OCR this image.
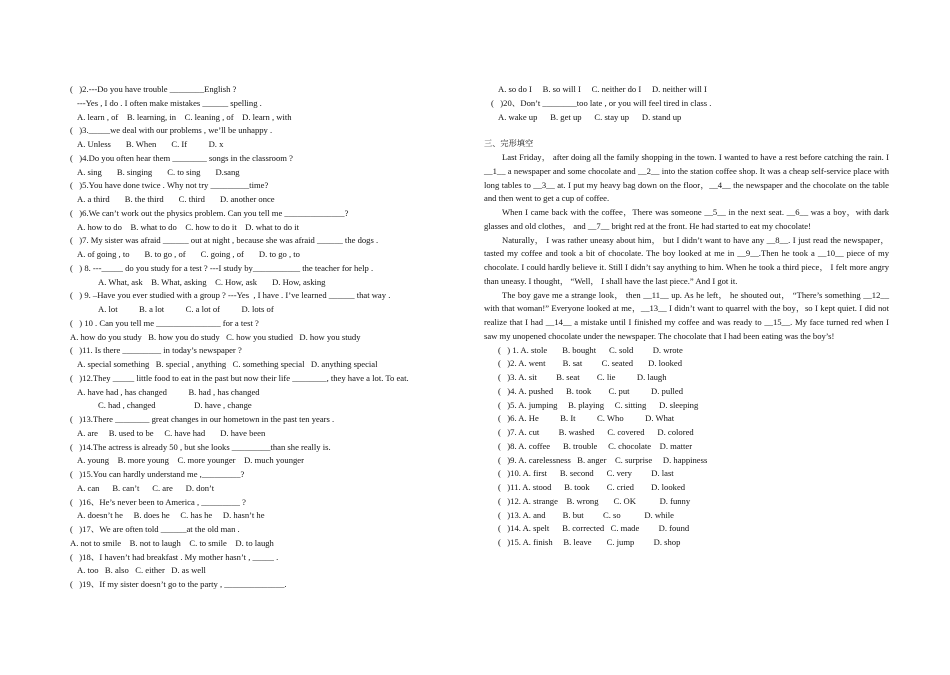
(   )2.---Do you have trouble ________English ?
---Yes , I do . I often make mistakes ______ spelling .
A. learn , of    B. learning, in    C. leaning , of    D. learn , with
(   )3._____we deal with our problems , we’ll be unhappy .
A. Unless       B. When       C. If          D. x
(   )4.Do you often hear them ________ songs in the classroom ?
A. sing       B. singing       C. to sing       D.sang
(   )5.You have done twice . Why not try _________time?
A. a third       B. the third       C. third       D. another once
(   )6.We can’t work out the physics problem. Can you tell me ______________?
A. how to do    B. what to do    C. how to do it    D. what to do it
(   )7. My sister was afraid ______ out at night , because she was afraid ______ the dogs .
A. of going , to       B. to go , of       C. going , of       D. to go , to
(   ) 8. ---_____ do you study for a test ? ---I study by___________ the teacher for help .
A. What, ask    B. What, asking    C. How, ask       D. How, asking
(   ) 9. –Have you ever studied with a group ? ---Yes  , I have . I’ve learned ______ that way .
A. lot          B. a lot          C. a lot of          D. lots of
(   ) 10 . Can you tell me _______________ for a test ?
A. how do you study   B. how you do study   C. how you studied   D. how you study
(   )11. Is there _________ in today’s newspaper ?
A. special something   B. special , anything   C. something special   D. anything special
(   )12.They _____ little food to eat in the past but now their life ________, they have a lot. To eat.
A. have had , has changed          B. had , has changed
C. had , changed                  D. have , change
(   )13.There ________ great changes in our hometown in the past ten years .
A. are     B. used to be     C. have had       D. have been
(   )14.The actress is already 50 , but she looks _________than she really is.
A. young    B. more young    C. more younger    D. much younger
(   )15.You can hardly understand me ,_________?
A. can      B. can’t      C. are      D. don’t
(   )16、He’s never been to America , _________ ?
A. doesn’t he     B. does he     C. has he     D. hasn’t he
(   )17、We are often told ______at the old man .
A. not to smile    B. not to laugh    C. to smile    D. to laugh
(   )18、I haven’t had breakfast . My mother hasn’t , _____ .
A. too   B. also   C. either   D. as well
(   )19、If my sister doesn’t go to the party , ______________.
A. so do I     B. so will I     C. neither do I     D. neither will I
(   )20、Don’t ________too late , or you will feel tired in class .
A. wake up      B. get up      C. stay up      D. stand up
三、完形填空

Last Friday， after doing all the family shopping in the town. I wanted to have a rest before catching the rain. I __1__ a newspaper and some chocolate and __2__ into the station coffee shop. It was a cheap self-service place with long tables to __3__ at. I put my heavy bag down on the floor，__4__ the newspaper and the chocolate on the table and then went to get a cup of coffee.

When I came back with the coffee，There was someone __5__ in the next seat. __6__ was a boy，with dark glasses and old clothes， and __7__ bright red at the front. He had started to eat my chocolate!

Naturally， I was rather uneasy about him， but I didn’t want to have any __8__. I just read the newspaper， tasted my coffee and took a bit of chocolate. The boy looked at me in __9__.Then he took a __10__ piece of my chocolate. I could hardly believe it. Still I didn’t say anything to him. When he took a third piece， I felt more angry than uneasy. I thought， “Well， I shall have the last piece.” And I got it.

The boy gave me a strange look， then __11__ up. As he left， he shouted out， “There’s something __12__ with that woman!” Everyone looked at me，__13__ I didn’t want to quarrel with the boy，so I kept quiet. I did not realize that I had __14__ a mistake until I finished my coffee and was ready to __15__. My face turned red when I saw my unopened chocolate under the newspaper. The chocolate that I had been eating was the boy’s!

(   ) 1. A. stole       B. bought      C. sold         D. wrote
(   )2. A. went        B. sat         C. seated       D. looked
(   )3. A. sit         B. seat        C. lie          D. laugh
(   )4. A. pushed      B. took        C. put          D. pulled
(   )5. A. jumping     B. playing     C. sitting      D. sleeping
(   )6. A. He          B. It          C. Who          D. What
(   )7. A. cut         B. washed      C. covered      D. colored
(   )8. A. coffee      B. trouble     C. chocolate    D. matter
(   )9. A. carelessness   B. anger    C. surprise     D. happiness
(   )10. A. first      B. second      C. very         D. last
(   )11. A. stood      B. took        C. cried        D. looked
(   )12. A. strange    B. wrong       C. OK           D. funny
(   )13. A. and        B. but         C. so           D. while
(   )14. A. spelt      B. corrected   C. made         D. found
(   )15. A. finish     B. leave       C. jump         D. shop
